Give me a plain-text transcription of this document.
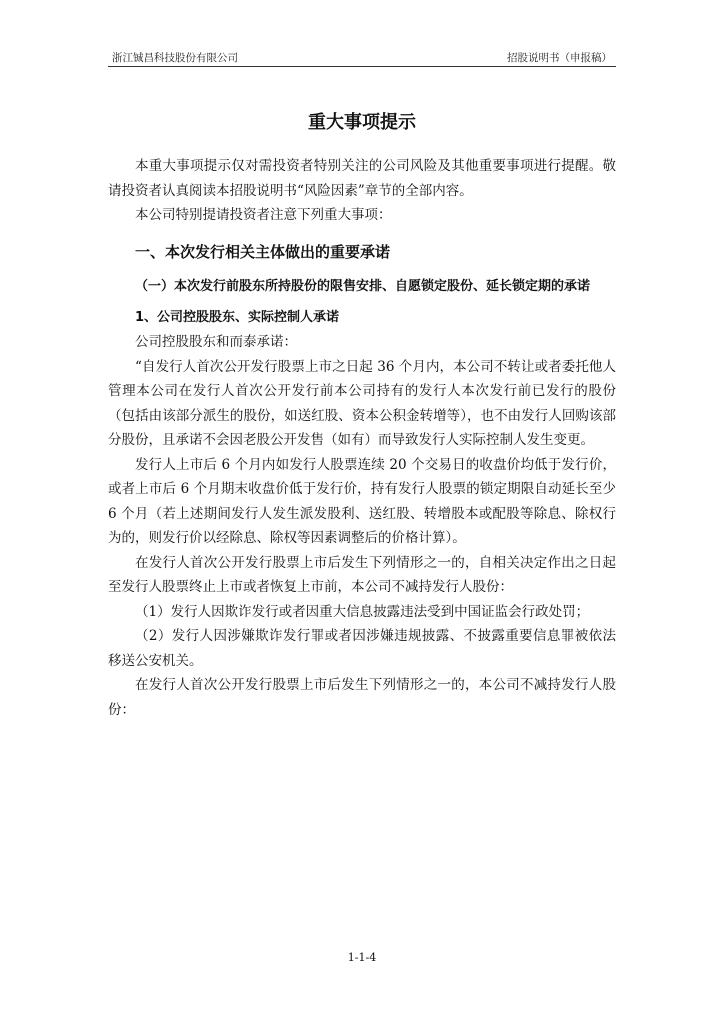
浙江铖昌科技股份有限公司	招股说明书（申报稿）
重大事项提示

本重大事项提示仅对需投资者特别关注的公司风险及其他重要事项进行提醒。敬请投资者认真阅读本招股说明书“风险因素”章节的全部内容。

本公司特别提请投资者注意下列重大事项：

一、本次发行相关主体做出的重要承诺
（一）本次发行前股东所持股份的限售安排、自愿锁定股份、延长锁定期的承诺
1、公司控股股东、实际控制人承诺

公司控股股东和而泰承诺：

“自发行人首次公开发行股票上市之日起 36 个月内，本公司不转让或者委托他人管理本公司在发行人首次公开发行前本公司持有的发行人本次发行前已发行的股份（包括由该部分派生的股份，如送红股、资本公积金转增等），也不由发行人回购该部分股份，且承诺不会因老股公开发售（如有）而导致发行人实际控制人发生变更。

发行人上市后 6 个月内如发行人股票连续 20 个交易日的收盘价均低于发行价，或者上市后 6 个月期末收盘价低于发行价，持有发行人股票的锁定期限自动延长至少 6 个月（若上述期间发行人发生派发股利、送红股、转增股本或配股等除息、除权行为的，则发行价以经除息、除权等因素调整后的价格计算）。

在发行人首次公开发行股票上市后发生下列情形之一的，自相关决定作出之日起至发行人股票终止上市或者恢复上市前，本公司不减持发行人股份：

（1）发行人因欺诈发行或者因重大信息披露违法受到中国证监会行政处罚；

（2）发行人因涉嫌欺诈发行罪或者因涉嫌违规披露、不披露重要信息罪被依法移送公安机关。

在发行人首次公开发行股票上市后发生下列情形之一的，本公司不减持发行人股份：

1-1-4
